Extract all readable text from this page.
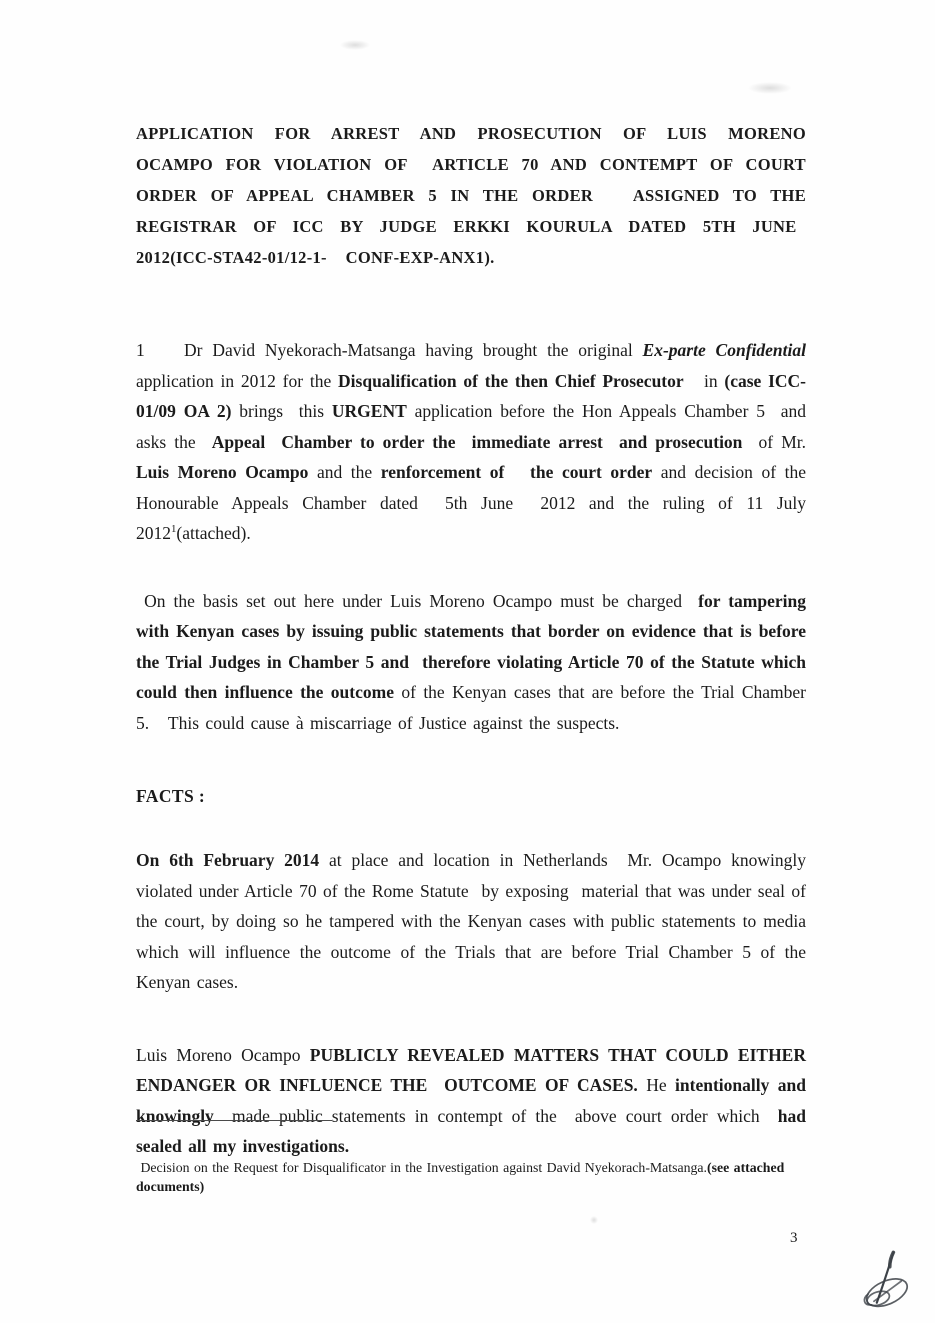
APPLICATION FOR ARREST AND PROSECUTION OF LUIS MORENO OCAMPO FOR VIOLATION OF  ARTICLE 70 AND CONTEMPT OF COURT ORDER OF APPEAL CHAMBER 5 IN THE ORDER   ASSIGNED TO THE REGISTRAR OF ICC BY JUDGE ERKKI KOURULA DATED 5TH JUNE  2012(ICC-STA42-01/12-1-  CONF-EXP-ANX1).

1    Dr David Nyekorach-Matsanga having brought the original Ex-parte Confidential application in 2012 for the Disqualification of the then Chief Prosecutor   in (case ICC-01/09 OA 2) brings  this URGENT application before the Hon Appeals Chamber 5  and asks the  Appeal  Chamber to order the  immediate arrest  and prosecution  of Mr. Luis Moreno Ocampo and the renforcement of   the court order and decision of the Honourable Appeals Chamber dated  5th June  2012 and the ruling of 11 July 2012$^1$(attached).

On the basis set out here under Luis Moreno Ocampo must be charged  for tampering with Kenyan cases by issuing public statements that border on evidence that is before the Trial Judges in Chamber 5 and  therefore violating Article 70 of the Statute which could then influence the outcome of the Kenyan cases that are before the Trial Chamber 5.   This could cause à miscarriage of Justice against the suspects.

FACTS :

On 6th February 2014 at place and location in Netherlands  Mr. Ocampo knowingly violated under Article 70 of the Rome Statute  by exposing  material that was under seal of the court, by doing so he tampered with the Kenyan cases with public statements to media which will influence the outcome of the Trials that are before Trial Chamber 5 of the Kenyan cases.

Luis Moreno Ocampo PUBLICLY REVEALED MATTERS THAT COULD EITHER ENDANGER OR INFLUENCE THE  OUTCOME OF CASES. He intentionally and knowingly  made public statements in contempt of the  above court order which  had sealed all my investigations.

Decision on the Request for Disqualificator in the Investigation against David Nyekorach-Matsanga.(see attached documents)
3
